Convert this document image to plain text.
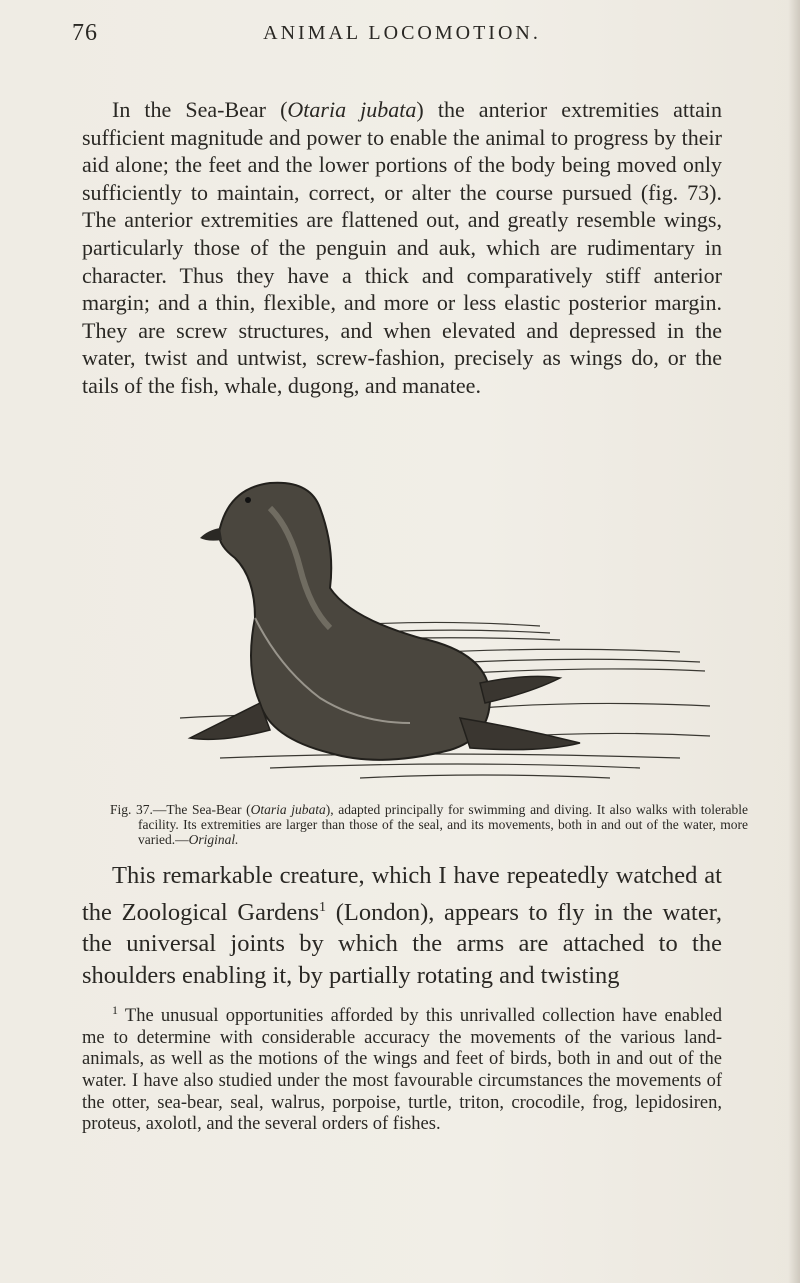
76	ANIMAL LOCOMOTION.

In the Sea-Bear (Otaria jubata) the anterior extremities attain sufficient magnitude and power to enable the animal to progress by their aid alone; the feet and the lower portions of the body being moved only sufficiently to maintain, correct, or alter the course pursued (fig. 73). The anterior extremities are flattened out, and greatly resemble wings, particularly those of the penguin and auk, which are rudimentary in character. Thus they have a thick and comparatively stiff anterior margin; and a thin, flexible, and more or less elastic posterior margin. They are screw structures, and when elevated and depressed in the water, twist and untwist, screw-fashion, precisely as wings do, or the tails of the fish, whale, dugong, and manatee.

Fig. 37.—The Sea-Bear (Otaria jubata), adapted principally for swimming and diving. It also walks with tolerable facility. Its extremities are larger than those of the seal, and its movements, both in and out of the water, more varied.—Original.

This remarkable creature, which I have repeatedly watched at the Zoological Gardens$^1$ (London), appears to fly in the water, the universal joints by which the arms are attached to the shoulders enabling it, by partially rotating and twisting

$^1$ The unusual opportunities afforded by this unrivalled collection have enabled me to determine with considerable accuracy the movements of the various land-animals, as well as the motions of the wings and feet of birds, both in and out of the water. I have also studied under the most favourable circumstances the movements of the otter, sea-bear, seal, walrus, porpoise, turtle, triton, crocodile, frog, lepidosiren, proteus, axolotl, and the several orders of fishes.
